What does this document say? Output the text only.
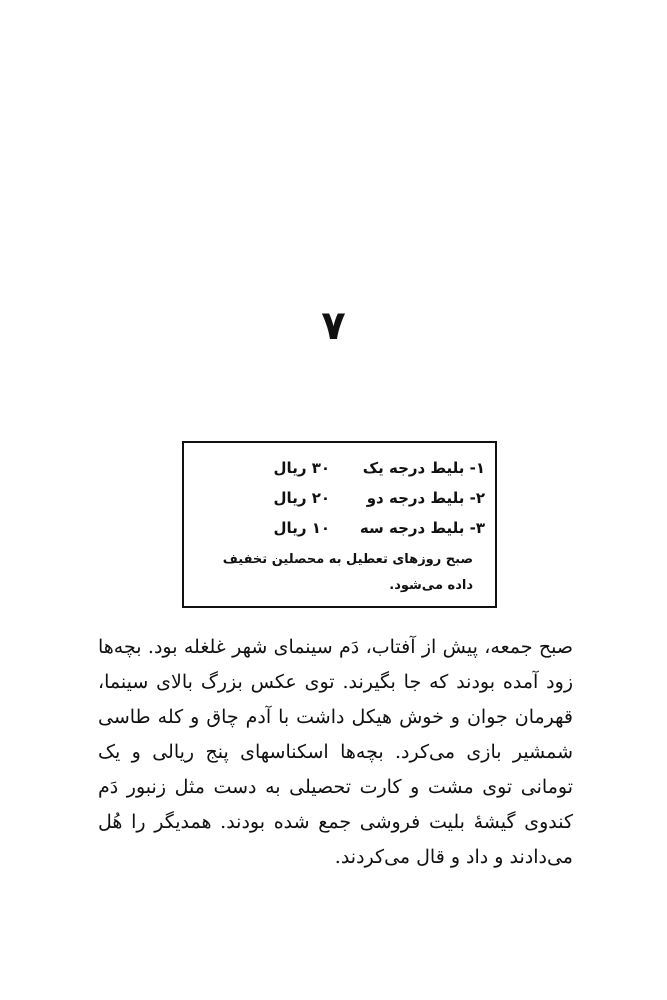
۷
۱- بلیط درجه یک
۳۰ ریال
۲- بلیط درجه دو
۲۰ ریال
۳- بلیط درجه سه
۱۰ ریال
صبح روزهای تعطیل به محصلین تخفیف داده می‌شود.

صبح جمعه، پیش از آفتاب، دَم سینمای شهر غلغله بود. بچه‌ها زود آمده بودند که جا بگیرند. توی عکس بزرگ بالای سینما، قهرمان جوان و خوش هیکل داشت با آدم چاق و کله طاسی شمشیر بازی می‌کرد. بچه‌ها اسکناسهای پنج ریالی و یک تومانی توی مشت و کارت تحصیلی به دست مثل زنبور دَم کندوی گیشهٔ بلیت فروشی جمع شده بودند. همدیگر را هُل می‌دادند و داد و قال می‌کردند.
